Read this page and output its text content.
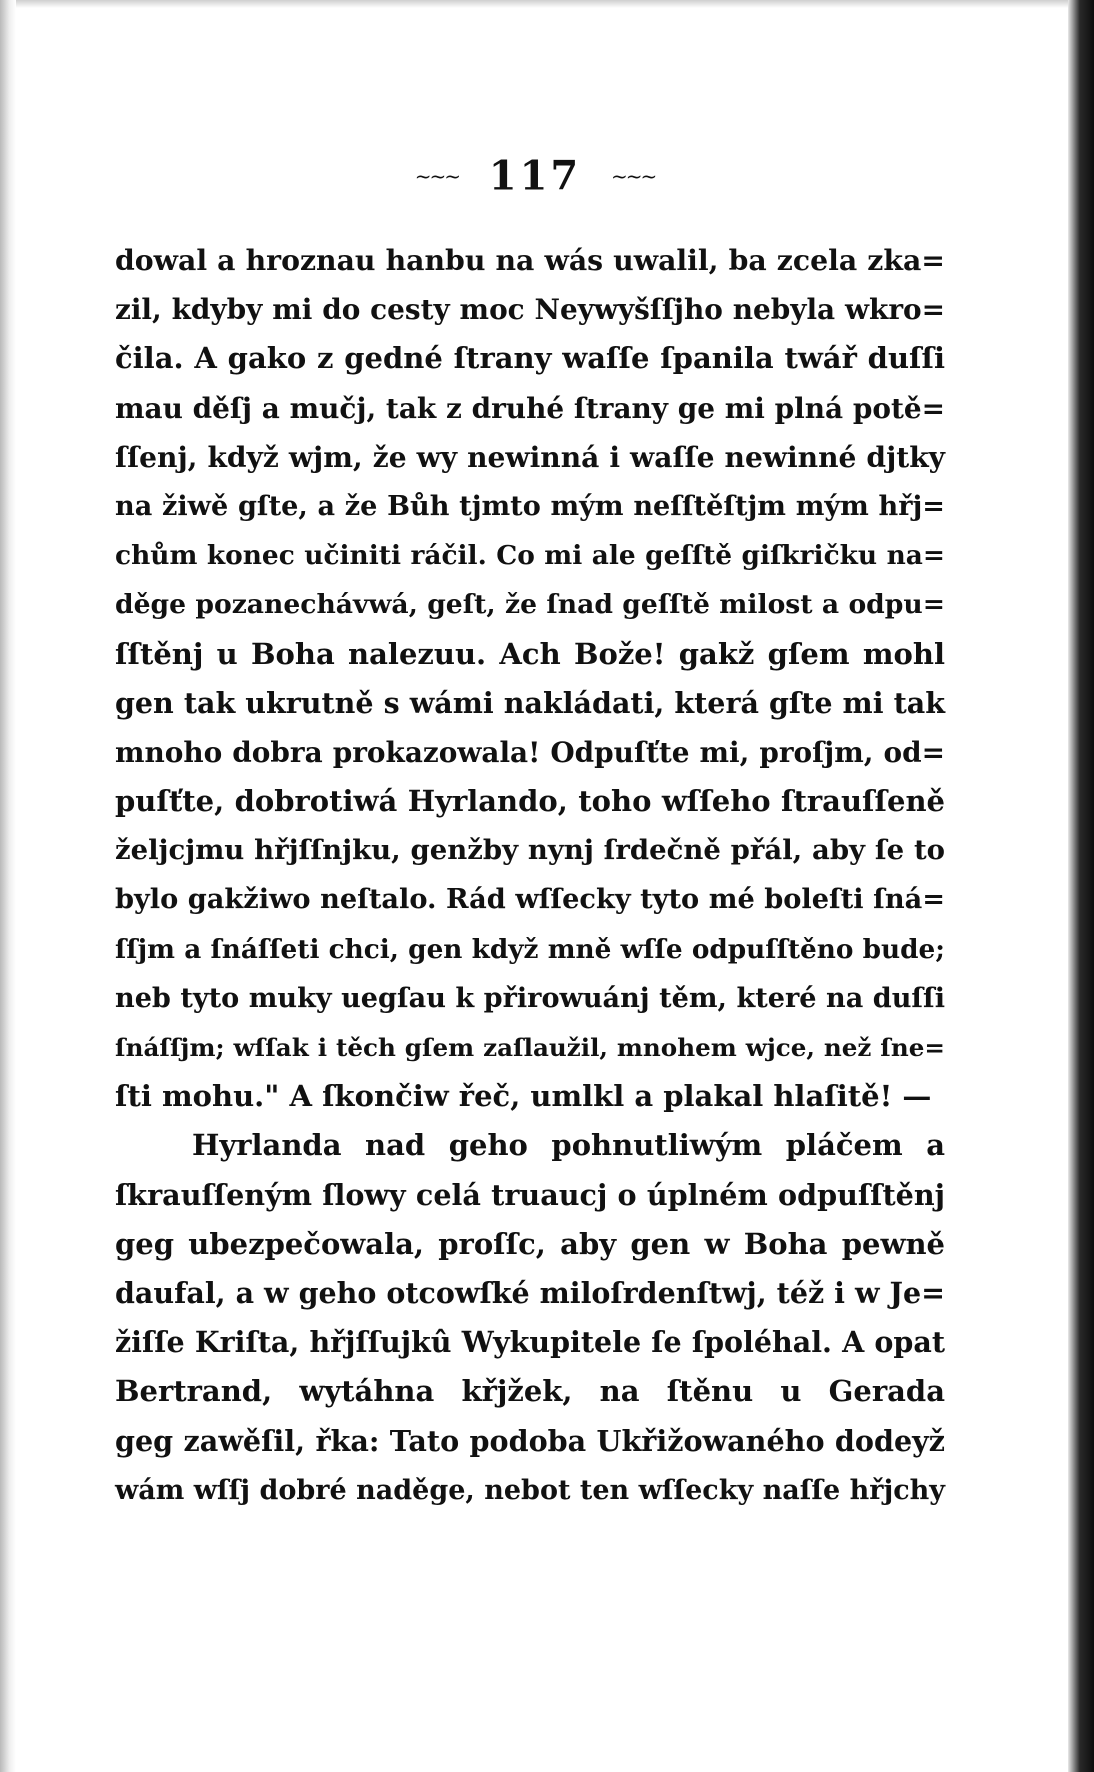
~~~ 117 ~~~
dowal a hroznau hanbu na wás uwalil, ba zcela zka=
zil, kdyby mi do cesty moc Neywyšſſjho nebyla wkro=
čila. A gako z gedné ſtrany waſſe ſpanila twář duſſi
mau děſj a mučj, tak z druhé ſtrany ge mi plná potě=
ſſenj, když wjm, že wy newinná i waſſe newinné djtky
na žiwě gſte, a že Bůh tjmto mým neſſtěſtjm mým hřj=
chům konec učiniti ráčil. Co mi ale geſſtě giſkričku na=
děge pozanechávwá, geſt, že ſnad geſſtě milost a odpu=
ſſtěnj u Boha nalezuu. Ach Bože! gakž gſem mohl
gen tak ukrutně s wámi nakládati, která gſte mi tak
mnoho dobra prokazowala! Odpuſťte mi, proſjm, od=
puſťte, dobrotiwá Hyrlando, toho wſſeho ſtrauſſeně
željcjmu hřjſſnjku, genžby nynj ſrdečně přál, aby ſe to
bylo gakžiwo neſtalo. Rád wſſecky tyto mé boleſti ſná=
ſſjm a ſnáſſeti chci, gen když mně wſſe odpuſſtěno bude;
neb tyto muky uegſau k přirowuánj těm, které na duſſi
ſnáſſjm; wſſak i těch gſem zaſlaužil, mnohem wjce, než ſne=
ſti mohu." A ſkončiw řeč, umlkl a plakal hlaſitě! —
Hyrlanda nad geho pohnutliwým pláčem a
ſkrauſſeným ſlowy celá truaucj o úplném odpuſſtěnj
geg ubezpečowala, proſſc, aby gen w Boha pewně
daufal, a w geho otcowſké miloſrdenſtwj, též i w Je=
žiſſe Kriſta, hřjſſujkû Wykupitele ſe ſpoléhal. A opat
Bertrand, wytáhna křjžek, na ſtěnu u Gerada
geg zawěſil, řka: Tato podoba Ukřižowaného dodeyž
wám wſſj dobré naděge, nebot ten wſſecky naſſe hřjchy
